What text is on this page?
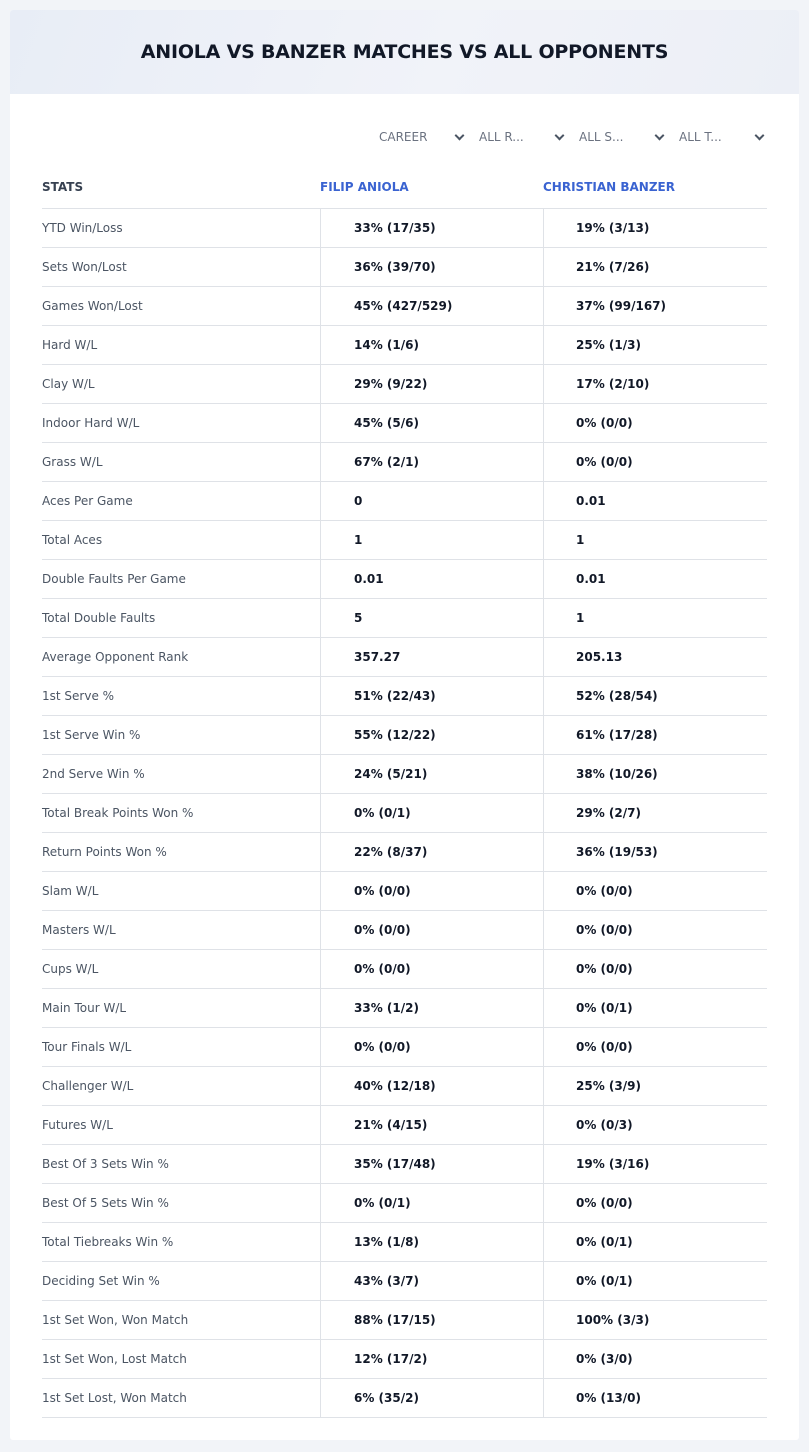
ANIOLA VS BANZER MATCHES VS ALL OPPONENTS
CAREER	ALL R...	ALL S...	ALL T...
STATS	FILIP ANIOLA	CHRISTIAN BANZER
YTD Win/Loss	33% (17/35)	19% (3/13)
Sets Won/Lost	36% (39/70)	21% (7/26)
Games Won/Lost	45% (427/529)	37% (99/167)
Hard W/L	14% (1/6)	25% (1/3)
Clay W/L	29% (9/22)	17% (2/10)
Indoor Hard W/L	45% (5/6)	0% (0/0)
Grass W/L	67% (2/1)	0% (0/0)
Aces Per Game	0	0.01
Total Aces	1	1
Double Faults Per Game	0.01	0.01
Total Double Faults	5	1
Average Opponent Rank	357.27	205.13
1st Serve %	51% (22/43)	52% (28/54)
1st Serve Win %	55% (12/22)	61% (17/28)
2nd Serve Win %	24% (5/21)	38% (10/26)
Total Break Points Won %	0% (0/1)	29% (2/7)
Return Points Won %	22% (8/37)	36% (19/53)
Slam W/L	0% (0/0)	0% (0/0)
Masters W/L	0% (0/0)	0% (0/0)
Cups W/L	0% (0/0)	0% (0/0)
Main Tour W/L	33% (1/2)	0% (0/1)
Tour Finals W/L	0% (0/0)	0% (0/0)
Challenger W/L	40% (12/18)	25% (3/9)
Futures W/L	21% (4/15)	0% (0/3)
Best Of 3 Sets Win %	35% (17/48)	19% (3/16)
Best Of 5 Sets Win %	0% (0/1)	0% (0/0)
Total Tiebreaks Win %	13% (1/8)	0% (0/1)
Deciding Set Win %	43% (3/7)	0% (0/1)
1st Set Won, Won Match	88% (17/15)	100% (3/3)
1st Set Won, Lost Match	12% (17/2)	0% (3/0)
1st Set Lost, Won Match	6% (35/2)	0% (13/0)
